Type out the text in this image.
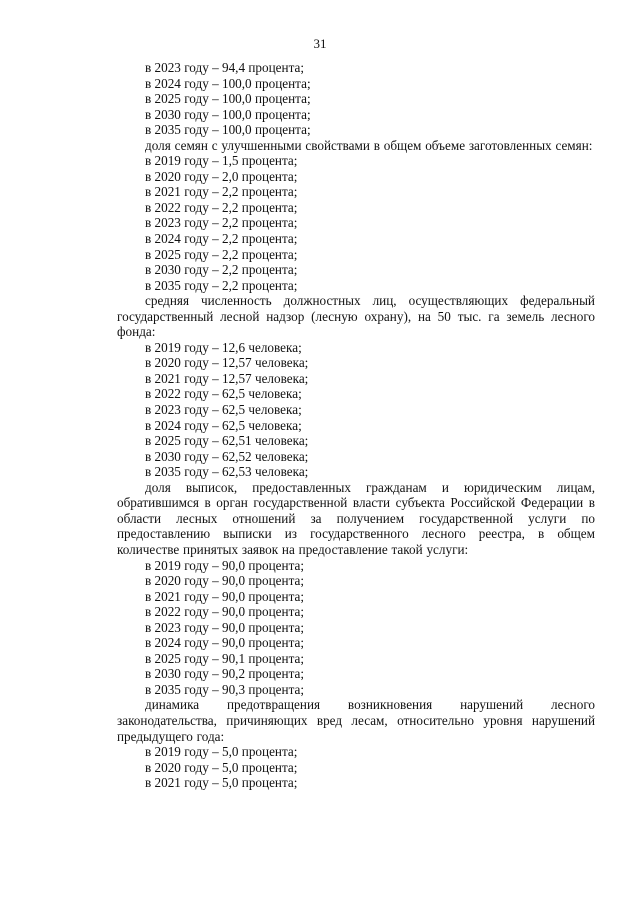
31

в 2023 году – 94,4 процента;

в 2024 году – 100,0 процента;

в 2025 году – 100,0 процента;

в 2030 году – 100,0 процента;

в 2035 году – 100,0 процента;

доля семян с улучшенными свойствами в общем объеме заготовленных семян:

в 2019 году – 1,5 процента;

в 2020 году – 2,0 процента;

в 2021 году – 2,2 процента;

в 2022 году – 2,2 процента;

в 2023 году – 2,2 процента;

в 2024 году – 2,2 процента;

в 2025 году – 2,2 процента;

в 2030 году – 2,2 процента;

в 2035 году – 2,2 процента;

средняя численность должностных лиц, осуществляющих федеральный государственный лесной надзор (лесную охрану), на 50 тыс. га земель лесного фонда:

в 2019 году – 12,6 человека;

в 2020 году – 12,57 человека;

в 2021 году – 12,57 человека;

в 2022 году – 62,5 человека;

в 2023 году – 62,5 человека;

в 2024 году – 62,5 человека;

в 2025 году – 62,51 человека;

в 2030 году – 62,52 человека;

в 2035 году – 62,53 человека;

доля выписок, предоставленных гражданам и юридическим лицам, обратившимся в орган государственной власти субъекта Российской Федерации в области лесных отношений за получением государственной услуги по предоставлению выписки из государственного лесного реестра, в общем количестве принятых заявок на предоставление такой услуги:

в 2019 году – 90,0 процента;

в 2020 году – 90,0 процента;

в 2021 году – 90,0 процента;

в 2022 году – 90,0 процента;

в 2023 году – 90,0 процента;

в 2024 году – 90,0 процента;

в 2025 году – 90,1 процента;

в 2030 году – 90,2 процента;

в 2035 году – 90,3 процента;

динамика предотвращения возникновения нарушений лесного законодательства, причиняющих вред лесам, относительно уровня нарушений предыдущего года:

в 2019 году – 5,0 процента;

в 2020 году – 5,0 процента;

в 2021 году – 5,0 процента;
